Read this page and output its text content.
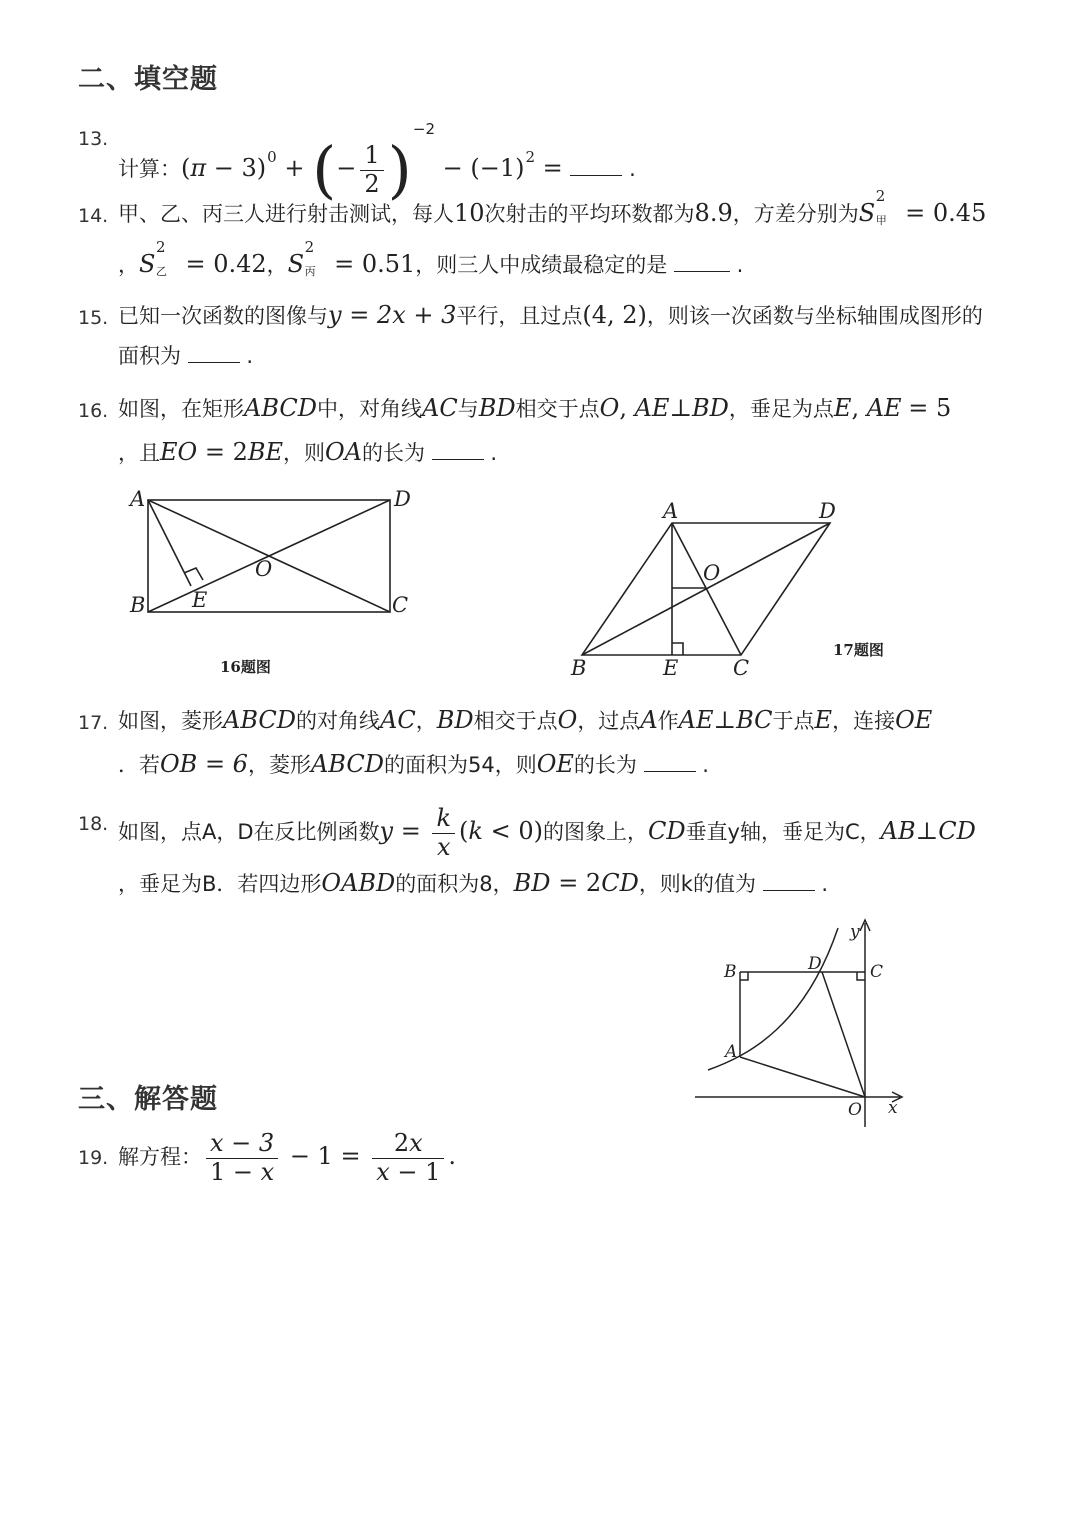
二、填空题
13.
计算：$(\pi - 3)^0$ + (− $\frac{1}{2} )^{-2} - (-1)^2$ =  .
14. 甲、乙、丙三人进行射击测试，每人10次射击的平均环数都为8.9，方差分别为S
2
甲 = 0.45
，S
2
乙 = 0.42，S
2
丙 = 0.51，则三人中成绩最稳定的是	.
15. 已知一次函数的图像与y = 2x + 3平行，且过点(4, 2)，则该一次函数与坐标轴围成图形的
面积为	.
16. 如图，在矩形ABCD中，对角线AC与BD相交于点O, AE⊥BD，垂足为点E, AE = 5
，且EO = 2BE，则OA的长为	.
A	D
B	C
E
O
16题图
A	D
O
B	E	C
17题图
17. 如图，菱形ABCD的对角线AC，BD相交于点O，过点A作AE⊥BC于点E，连接OE
．若OB = 6，菱形ABCD的面积为54，则OE的长为	.
18. 如图，点A，D在反比例函数$y = \frac{k}{x} (k < 0)$的图象上，CD垂直y轴，垂足为C，AB⊥CD
，垂足为B．若四边形OABD的面积为8，BD = 2CD，则k的值为	.
B	D	C
A
O x
y
三、解答题
19. 解方程： $\frac{x - 3}{1 - x} - 1 = \frac{2x}{x - 1}$ .
